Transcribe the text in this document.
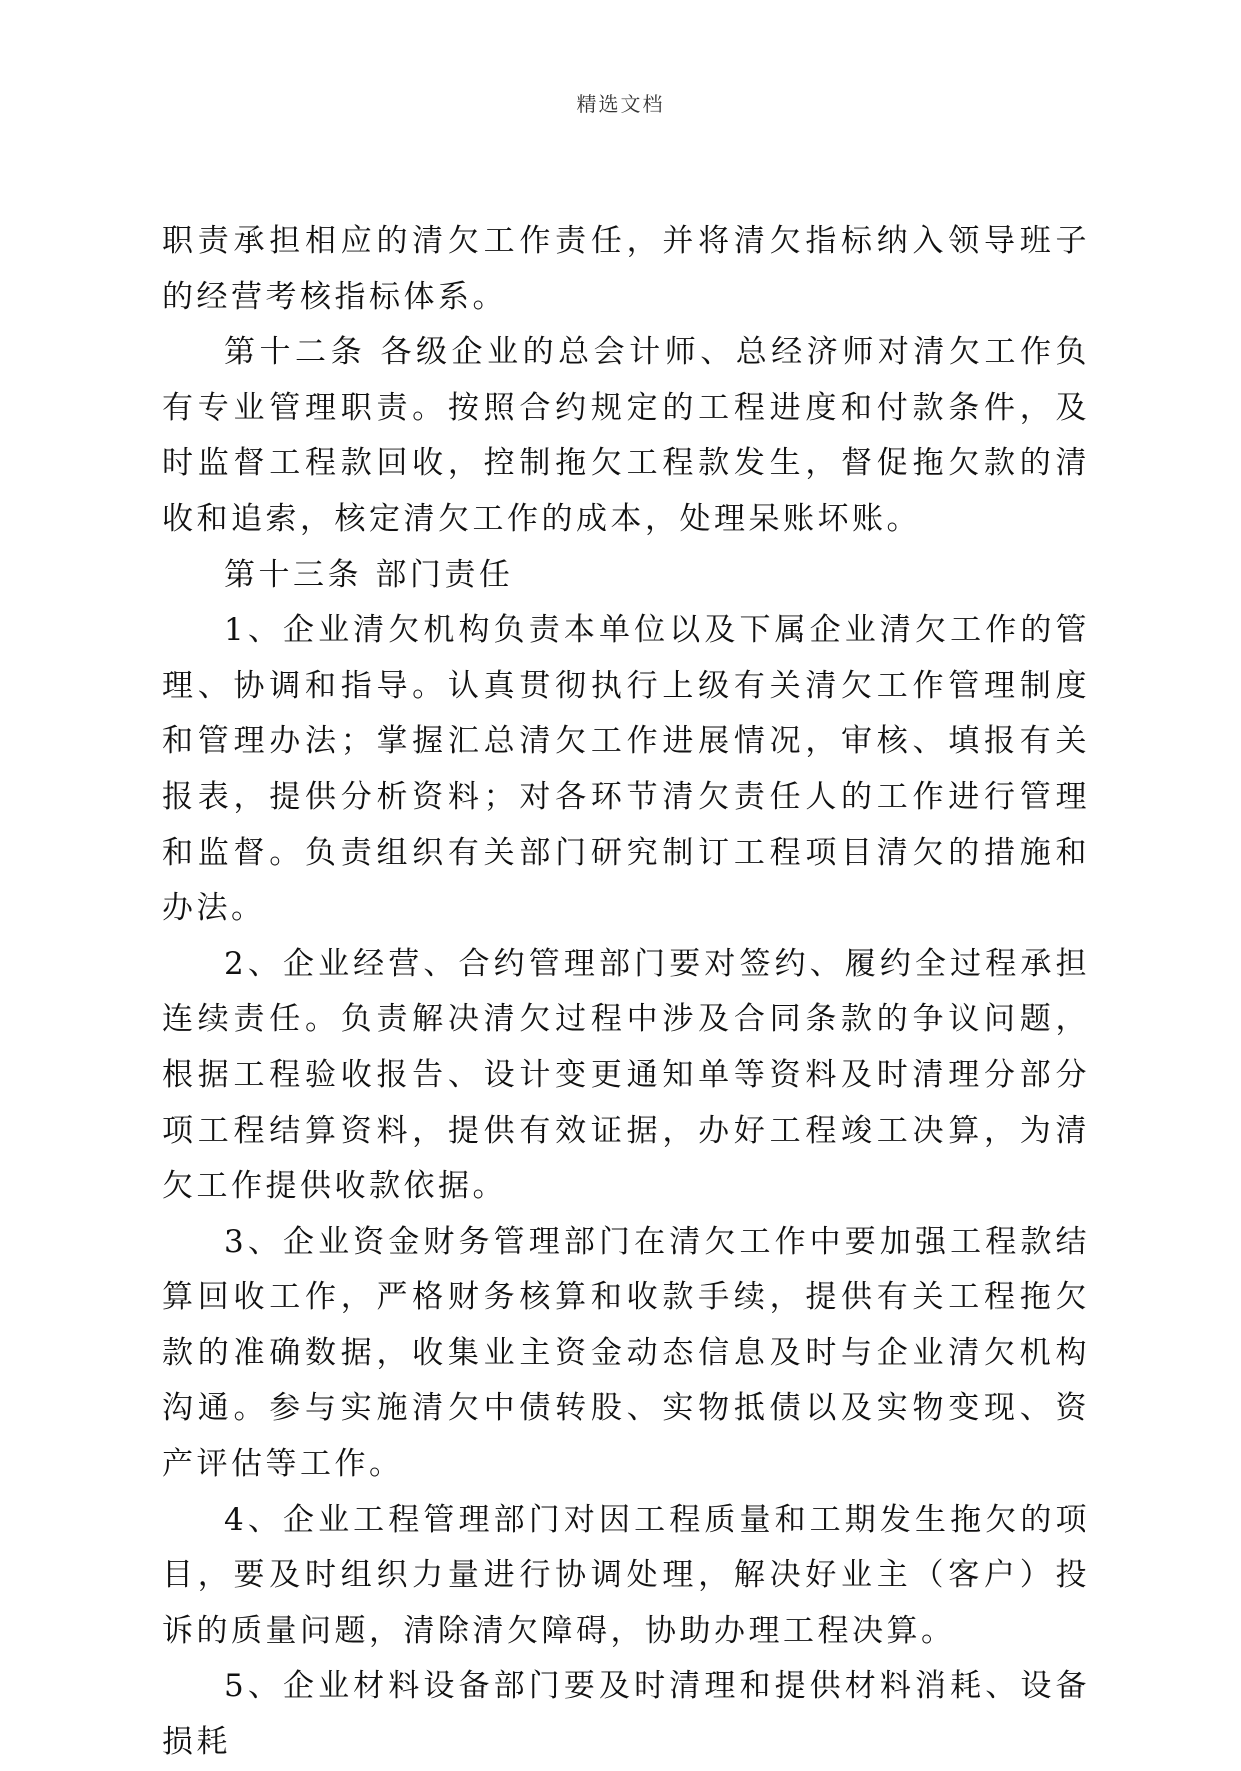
精选文档

职责承担相应的清欠工作责任，并将清欠指标纳入领导班子的经营考核指标体系。

第十二条 各级企业的总会计师、总经济师对清欠工作负有专业管理职责。按照合约规定的工程进度和付款条件，及时监督工程款回收，控制拖欠工程款发生，督促拖欠款的清收和追索，核定清欠工作的成本，处理呆账坏账。

第十三条 部门责任

1、企业清欠机构负责本单位以及下属企业清欠工作的管理、协调和指导。认真贯彻执行上级有关清欠工作管理制度和管理办法；掌握汇总清欠工作进展情况，审核、填报有关报表，提供分析资料；对各环节清欠责任人的工作进行管理和监督。负责组织有关部门研究制订工程项目清欠的措施和办法。

2、企业经营、合约管理部门要对签约、履约全过程承担连续责任。负责解决清欠过程中涉及合同条款的争议问题，根据工程验收报告、设计变更通知单等资料及时清理分部分项工程结算资料，提供有效证据，办好工程竣工决算，为清欠工作提供收款依据。

3、企业资金财务管理部门在清欠工作中要加强工程款结算回收工作，严格财务核算和收款手续，提供有关工程拖欠款的准确数据，收集业主资金动态信息及时与企业清欠机构沟通。参与实施清欠中债转股、实物抵债以及实物变现、资产评估等工作。

4、企业工程管理部门对因工程质量和工期发生拖欠的项目，要及时组织力量进行协调处理，解决好业主（客户）投诉的质量问题，清除清欠障碍，协助办理工程决算。

5、企业材料设备部门要及时清理和提供材料消耗、设备损耗
